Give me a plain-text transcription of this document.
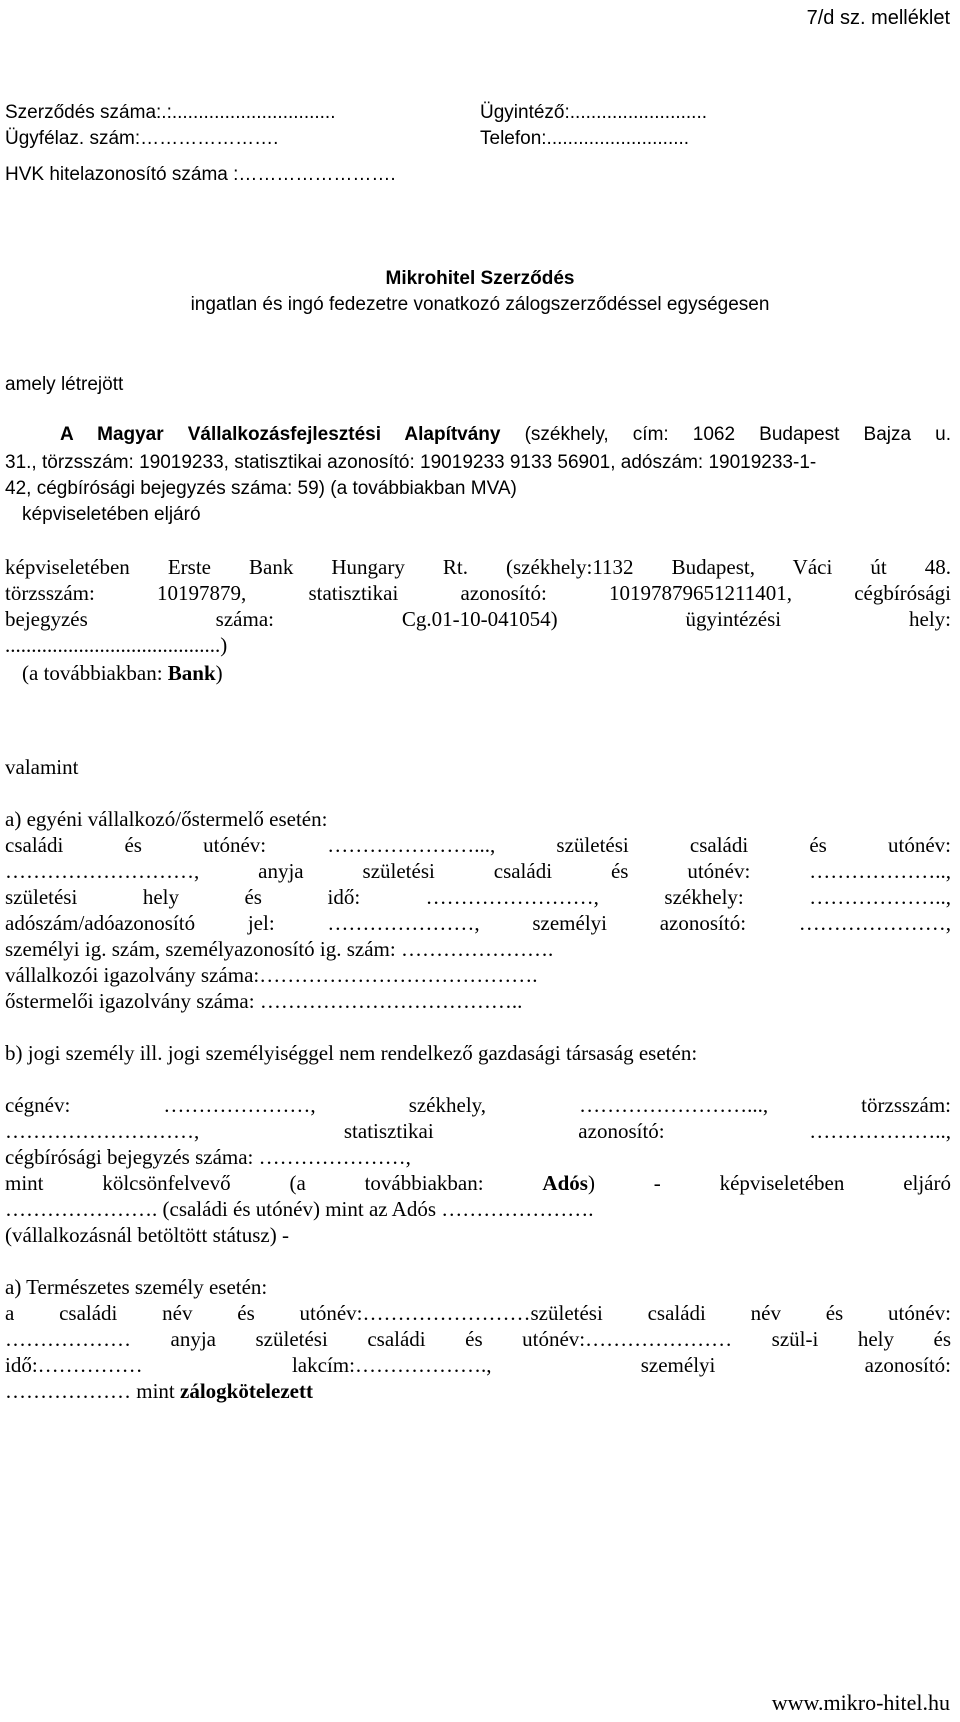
7/d sz. melléklet
Szerződés száma:.:...............................
Ügyfélaz. szám:………………….
HVK hitelazonosító száma :…………………….
Ügyintéző:..........................
Telefon:...........................
Mikrohitel Szerződés
ingatlan és ingó fedezetre vonatkozó zálogszerződéssel egységesen
amely létrejött
A Magyar Vállalkozásfejlesztési Alapítvány (székhely, cím: 1062 Budapest Bajza u.
31., törzsszám: 19019233, statisztikai azonosító: 19019233 9133 56901, adószám: 19019233-1-
42, cégbírósági bejegyzés száma: 59) (a továbbiakban MVA)
képviseletében eljáró
képviseletében Erste Bank Hungary Rt. (székhely:1132 Budapest, Váci út 48.
törzsszám: 10197879, statisztikai azonosító: 10197879651211401, cégbírósági
bejegyzés száma: Cg.01-10-041054) ügyintézési hely:
.........................................)
(a továbbiakban: Bank)
valamint
a) egyéni vállalkozó/őstermelő esetén:
családi és utónév: …………………..., születési családi és utónév:
………………………, anyja születési családi és utónév: ………………..,
születési hely és idő: ……………………, székhely: ………………..,
adószám/adóazonosító jel: …………………, személyi azonosító: …………………,
személyi ig. szám, személyazonosító ig. szám: ………………….
vállalkozói igazolvány száma:………………………………….
őstermelői igazolvány száma: ………………………………..
b) jogi személy ill. jogi személyiséggel nem rendelkező gazdasági társaság esetén:
cégnév: …………………, székhely, ……………………..., törzsszám:
………………………, statisztikai azonosító: ………………..,
cégbírósági bejegyzés száma: …………………,
mint kölcsönfelvevő (a továbbiakban: Adós) - képviseletében eljáró
…………………. (családi és utónév) mint az Adós ………………….
(vállalkozásnál betöltött státusz) -
a) Természetes személy esetén:
a családi név és utónév:……………………születési családi név és utónév:
……………… anyja születési családi és utónév:………………… szül-i hely és
idő:…………… lakcím:………………., személyi azonosító:
……………… mint zálogkötelezett
www.mikro-hitel.hu
